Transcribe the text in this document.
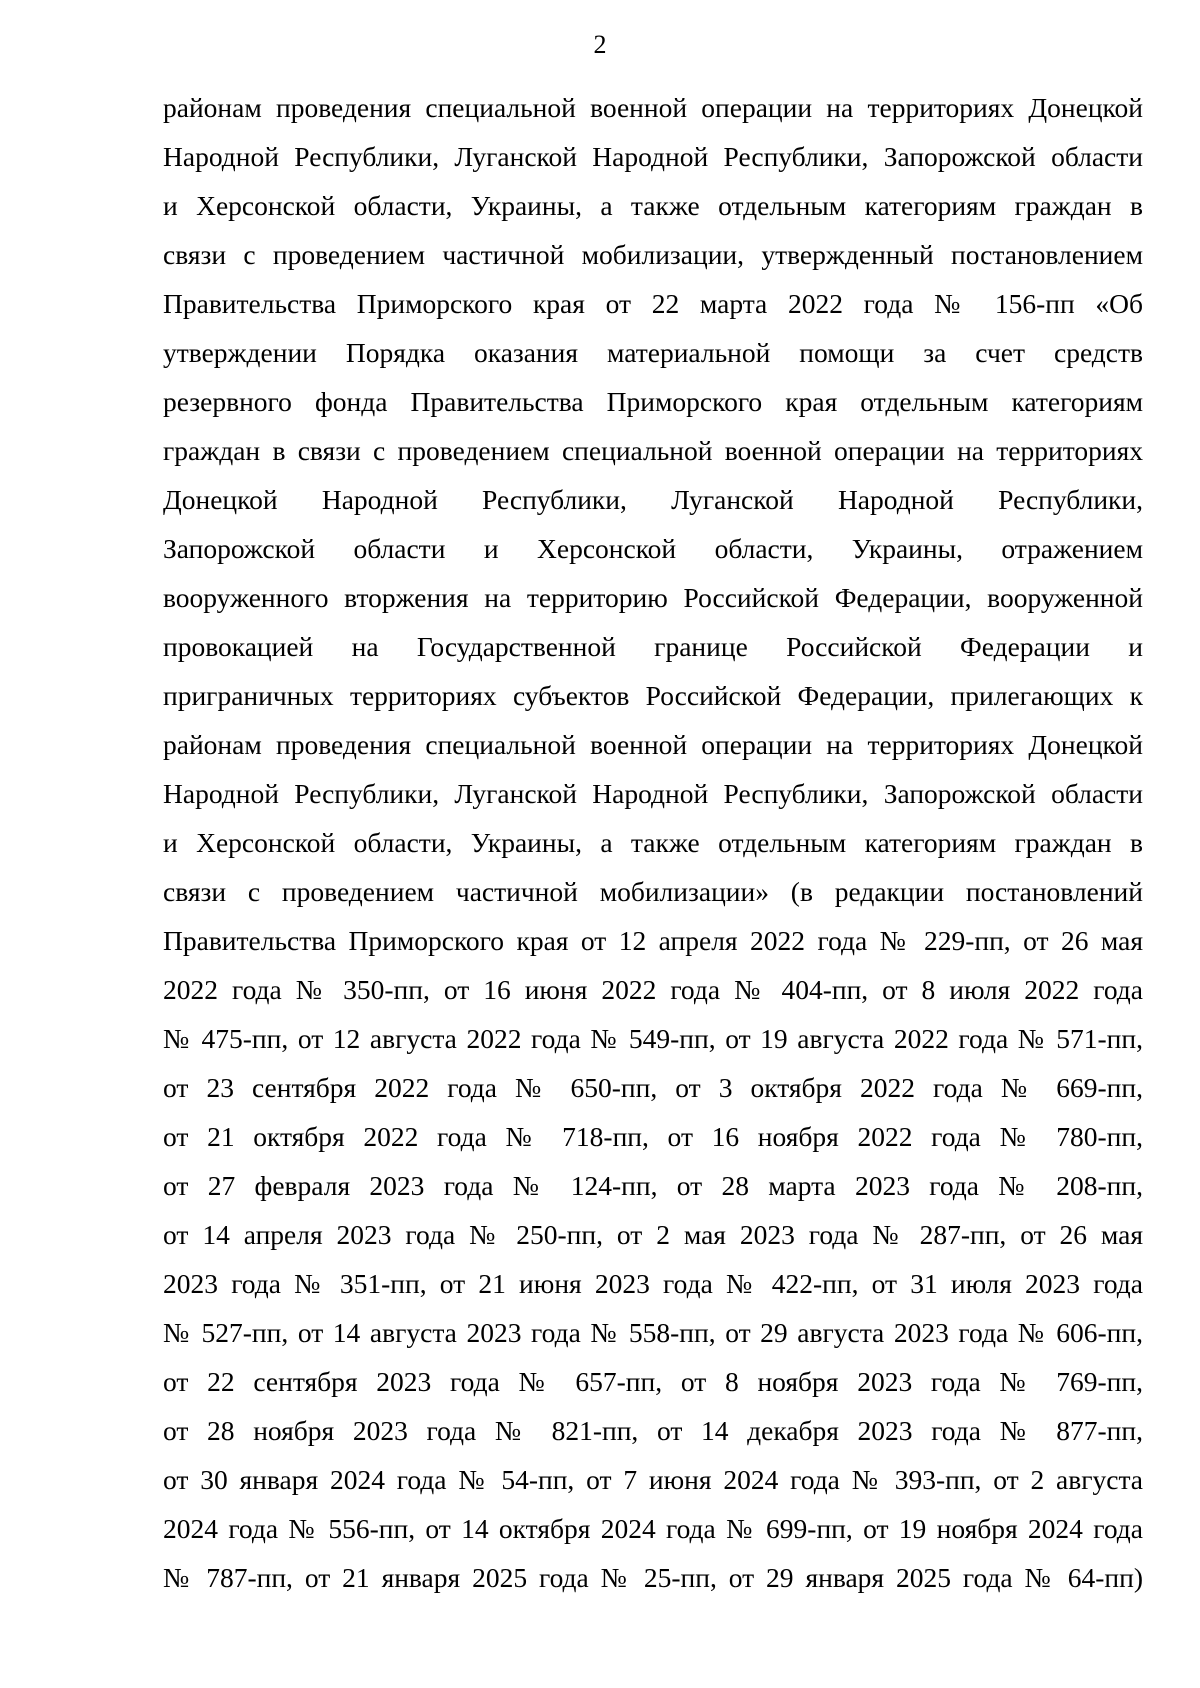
2
районам проведения специальной военной операции на территориях Донецкой
Народной Республики, Луганской Народной Республики, Запорожской области
и Херсонской области, Украины, а также отдельным категориям граждан в
связи с проведением частичной мобилизации, утвержденный постановлением
Правительства Приморского края от 22 марта 2022 года № 156-пп «Об
утверждении Порядка оказания материальной помощи за счет средств
резервного фонда Правительства Приморского края отдельным категориям
граждан в связи с проведением специальной военной операции на территориях
Донецкой Народной Республики, Луганской Народной Республики,
Запорожской области и Херсонской области, Украины, отражением
вооруженного вторжения на территорию Российской Федерации, вооруженной
провокацией на Государственной границе Российской Федерации и
приграничных территориях субъектов Российской Федерации, прилегающих к
районам проведения специальной военной операции на территориях Донецкой
Народной Республики, Луганской Народной Республики, Запорожской области
и Херсонской области, Украины, а также отдельным категориям граждан в
связи с проведением частичной мобилизации» (в редакции постановлений
Правительства Приморского края от 12 апреля 2022 года № 229-пп, от 26 мая
2022 года № 350-пп, от 16 июня 2022 года № 404-пп, от 8 июля 2022 года
№ 475-пп, от 12 августа 2022 года № 549-пп, от 19 августа 2022 года № 571-пп,
от 23 сентября 2022 года № 650-пп, от 3 октября 2022 года № 669-пп,
от 21 октября 2022 года № 718-пп, от 16 ноября 2022 года № 780-пп,
от 27 февраля 2023 года № 124-пп, от 28 марта 2023 года № 208-пп,
от 14 апреля 2023 года № 250-пп, от 2 мая 2023 года № 287-пп, от 26 мая
2023 года № 351-пп, от 21 июня 2023 года № 422-пп, от 31 июля 2023 года
№ 527-пп, от 14 августа 2023 года № 558-пп, от 29 августа 2023 года № 606-пп,
от 22 сентября 2023 года № 657-пп, от 8 ноября 2023 года № 769-пп,
от 28 ноября 2023 года № 821-пп, от 14 декабря 2023 года № 877-пп,
от 30 января 2024 года № 54-пп, от 7 июня 2024 года № 393-пп, от 2 августа
2024 года № 556-пп, от 14 октября 2024 года № 699-пп, от 19 ноября 2024 года
№ 787-пп, от 21 января 2025 года № 25-пп, от 29 января 2025 года № 64-пп)
